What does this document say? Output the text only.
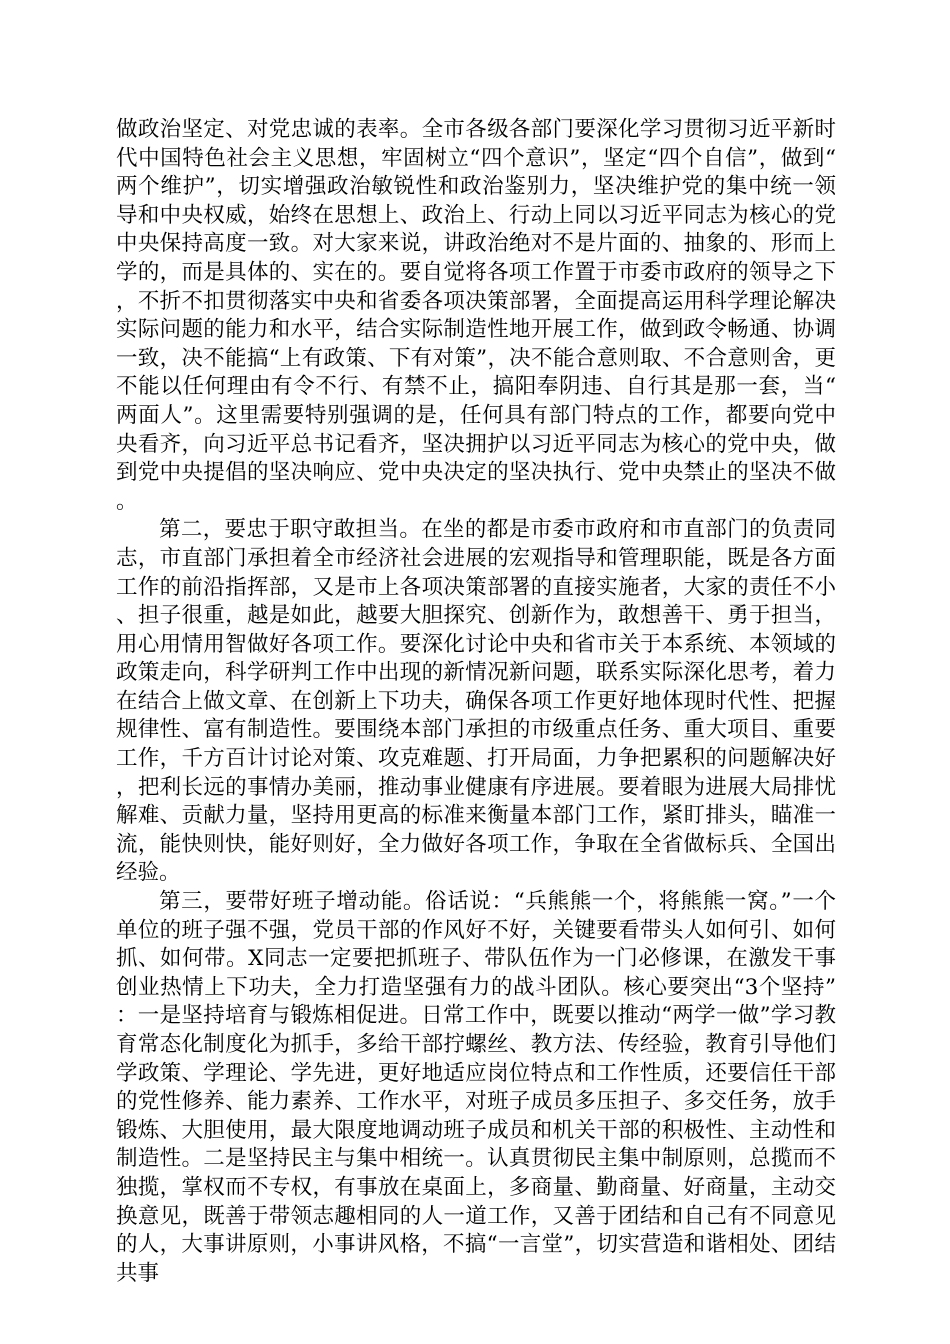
做政治坚定、对党忠诚的表率。全市各级各部门要深化学习贯彻习近平新时代中国特色社会主义思想，牢固树立“四个意识”，坚定“四个自信”，做到“两个维护”，切实增强政治敏锐性和政治鉴别力，坚决维护党的集中统一领导和中央权威，始终在思想上、政治上、行动上同以习近平同志为核心的党中央保持高度一致。对大家来说，讲政治绝对不是片面的、抽象的、形而上学的，而是具体的、实在的。要自觉将各项工作置于市委市政府的领导之下，不折不扣贯彻落实中央和省委各项决策部署，全面提高运用科学理论解决实际问题的能力和水平，结合实际制造性地开展工作，做到政令畅通、协调一致，决不能搞“上有政策、下有对策”，决不能合意则取、不合意则舍，更不能以任何理由有令不行、有禁不止，搞阳奉阴违、自行其是那一套，当“两面人”。这里需要特别强调的是，任何具有部门特点的工作，都要向党中央看齐，向习近平总书记看齐，坚决拥护以习近平同志为核心的党中央，做到党中央提倡的坚决响应、党中央决定的坚决执行、党中央禁止的坚决不做。

第二，要忠于职守敢担当。在坐的都是市委市政府和市直部门的负责同志，市直部门承担着全市经济社会进展的宏观指导和管理职能，既是各方面工作的前沿指挥部，又是市上各项决策部署的直接实施者，大家的责任不小、担子很重，越是如此，越要大胆探究、创新作为，敢想善干、勇于担当，用心用情用智做好各项工作。要深化讨论中央和省市关于本系统、本领域的政策走向，科学研判工作中出现的新情况新问题，联系实际深化思考，着力在结合上做文章、在创新上下功夫，确保各项工作更好地体现时代性、把握规律性、富有制造性。要围绕本部门承担的市级重点任务、重大项目、重要工作，千方百计讨论对策、攻克难题、打开局面，力争把累积的问题解决好，把利长远的事情办美丽，推动事业健康有序进展。要着眼为进展大局排忧解难、贡献力量，坚持用更高的标准来衡量本部门工作，紧盯排头，瞄准一流，能快则快，能好则好，全力做好各项工作，争取在全省做标兵、全国出经验。

第三，要带好班子增动能。俗话说：“兵熊熊一个，将熊熊一窝。”一个单位的班子强不强，党员干部的作风好不好，关键要看带头人如何引、如何抓、如何带。X同志一定要把抓班子、带队伍作为一门必修课，在激发干事创业热情上下功夫，全力打造坚强有力的战斗团队。核心要突出“3个坚持”：一是坚持培育与锻炼相促进。日常工作中，既要以推动“两学一做”学习教育常态化制度化为抓手，多给干部拧螺丝、教方法、传经验，教育引导他们学政策、学理论、学先进，更好地适应岗位特点和工作性质，还要信任干部的党性修养、能力素养、工作水平，对班子成员多压担子、多交任务，放手锻炼、大胆使用，最大限度地调动班子成员和机关干部的积极性、主动性和制造性。二是坚持民主与集中相统一。认真贯彻民主集中制原则，总揽而不独揽，掌权而不专权，有事放在桌面上，多商量、勤商量、好商量，主动交换意见，既善于带领志趣相同的人一道工作，又善于团结和自己有不同意见的人，大事讲原则，小事讲风格，不搞“一言堂”，切实营造和谐相处、团结共事
